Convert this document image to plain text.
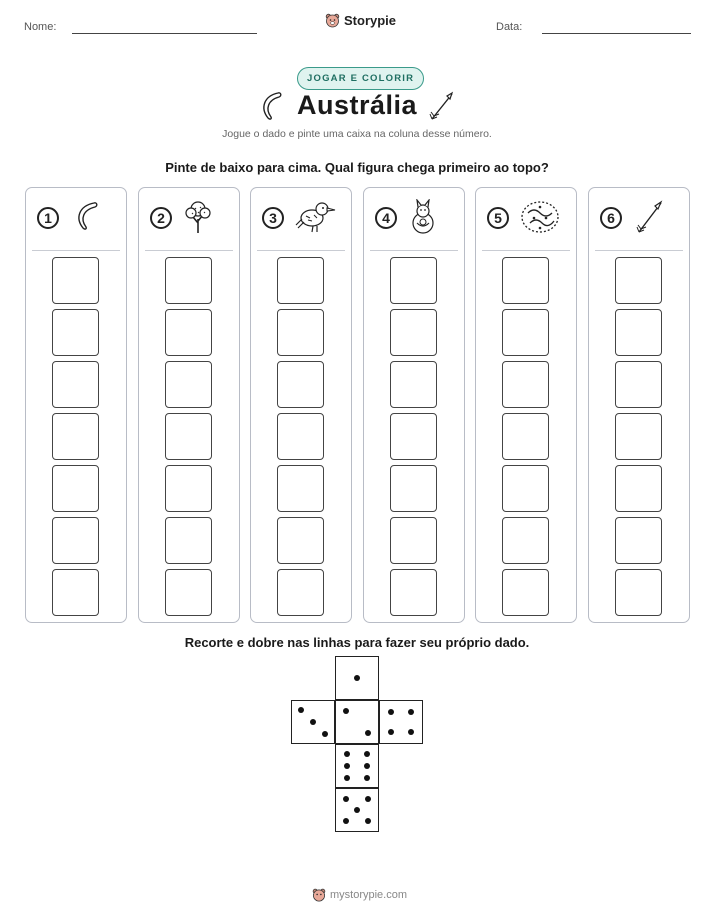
Nome:	Storypie	Data:
JOGAR E COLORIR
Austrália
Jogue o dado e pinte uma caixa na coluna desse número.
Pinte de baixo para cima. Qual figura chega primeiro ao topo?
1	2	3	4	5	6
Recorte e dobre nas linhas para fazer seu próprio dado.
mystorypie.com
